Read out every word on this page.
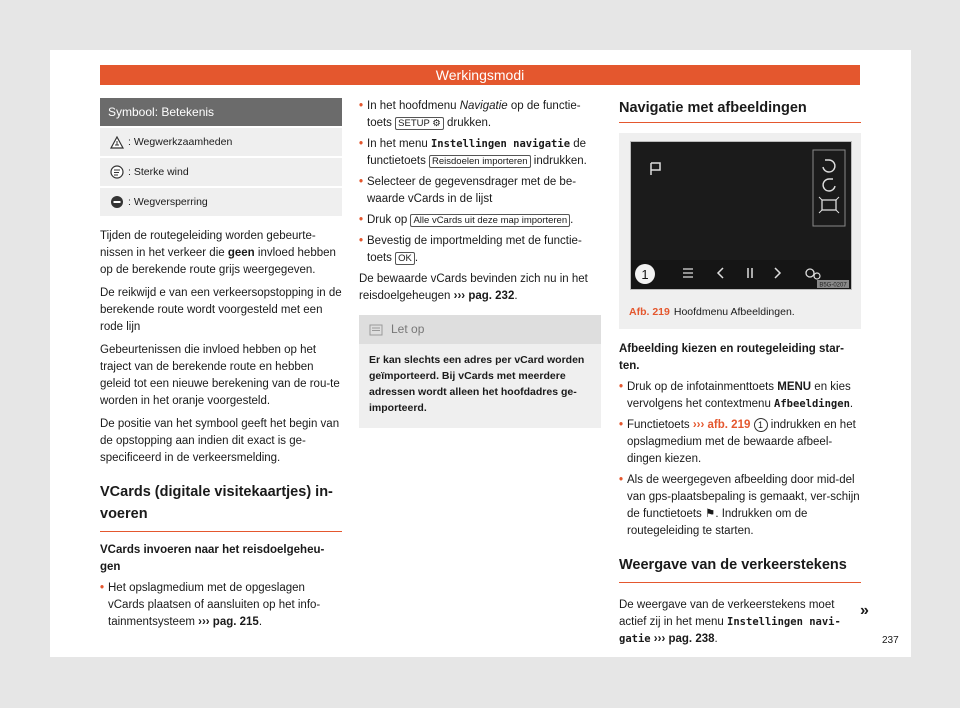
Werkingsmodi
Symbool: Betekenis
: Wegwerkzaamheden
: Sterke wind
: Wegversperring

Tijden de routegeleiding worden gebeurte-nissen in het verkeer die geen invloed hebben op de berekende route grijs weergegeven.

De reikwijd e van een verkeersopstopping in de berekende route wordt voorgesteld met een rode lijn

Gebeurtenissen die invloed hebben op het traject van de berekende route en hebben geleid tot een nieuwe berekening van de rou-te worden in het oranje voorgesteld.

De positie van het symbool geeft het begin van de opstopping aan indien dit exact is ge-specificeerd in de verkeersmelding.

VCards (digitale visitekaartjes) in-voeren
VCards invoeren naar het reisdoelgeheu-gen
• Het opslagmedium met de opgeslagen vCards plaatsen of aansluiten op het info-tainmentsysteem ››› pag. 215.
• In het hoofdmenu Navigatie op de functie-toets SETUP ⚙ drukken.
• In het menu Instellingen navigatie de functietoets Reisdoelen importeren indrukken.
• Selecteer de gegevensdrager met de be-waarde vCards in de lijst
• Druk op Alle vCards uit deze map importeren .
• Bevestig de importmelding met de functie-toets OK .

De bewaarde vCards bevinden zich nu in het reisdoelgeheugen ››› pag. 232.

Let op
Er kan slechts een adres per vCard worden geïmporteerd. Bij vCards met meerdere adressen wordt alleen het hoofdadres ge-importeerd.
Navigatie met afbeeldingen
1
B5G-0207
Afb. 219 Hoofdmenu Afbeeldingen.
Afbeelding kiezen en routegeleiding star-ten.
• Druk op de infotainmenttoets MENU en kies vervolgens het contextmenu Afbeeldingen.
• Functietoets ››› afb. 219 1 indrukken en het opslagmedium met de bewaarde afbeel-dingen kiezen.
• Als de weergegeven afbeelding door mid-del van gps-plaatsbepaling is gemaakt, ver-schijn de functietoets ⚑. Indrukken om de routegeleiding te starten.
Weergave van de verkeerstekens

De weergave van de verkeerstekens moet actief zij in het menu Instellingen navi-gatie ››› pag. 238.

»
237
